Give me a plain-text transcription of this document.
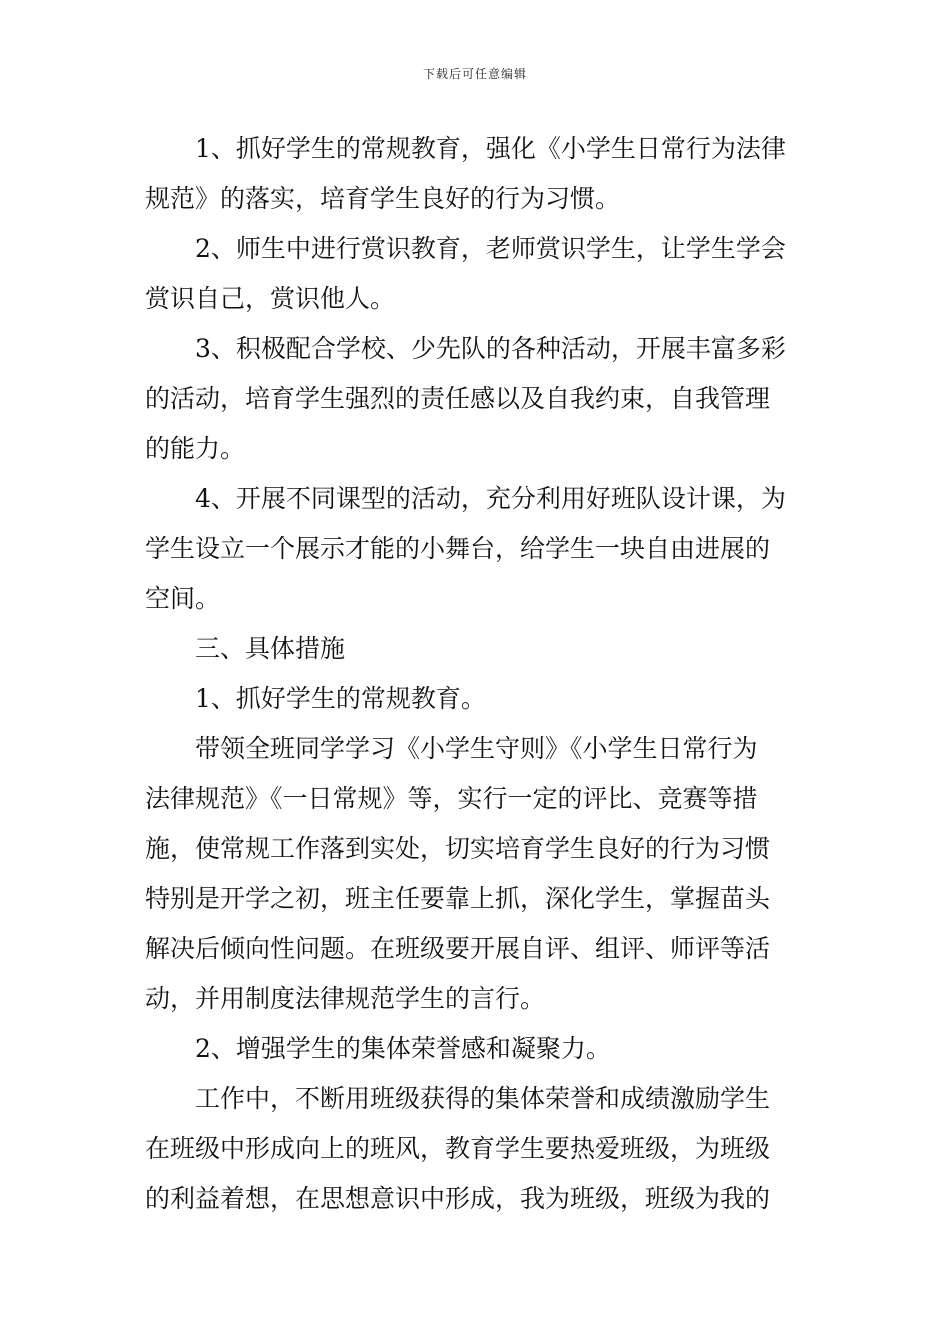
下载后可任意编辑
1、抓好学生的常规教育，强化《小学生日常行为法律
规范》的落实，培育学生良好的行为习惯。
2、师生中进行赏识教育，老师赏识学生，让学生学会
赏识自己，赏识他人。
3、积极配合学校、少先队的各种活动，开展丰富多彩
的活动，培育学生强烈的责任感以及自我约束，自我管理
的能力。
4、开展不同课型的活动，充分利用好班队设计课，为
学生设立一个展示才能的小舞台，给学生一块自由进展的
空间。
三、具体措施
1、抓好学生的常规教育。
带领全班同学学习《小学生守则》《小学生日常行为
法律规范》《一日常规》等，实行一定的评比、竞赛等措
施，使常规工作落到实处，切实培育学生良好的行为习惯
特别是开学之初，班主任要靠上抓，深化学生，掌握苗头
解决后倾向性问题。在班级要开展自评、组评、师评等活
动，并用制度法律规范学生的言行。
2、增强学生的集体荣誉感和凝聚力。
工作中，不断用班级获得的集体荣誉和成绩激励学生
在班级中形成向上的班风，教育学生要热爱班级，为班级
的利益着想，在思想意识中形成，我为班级，班级为我的
